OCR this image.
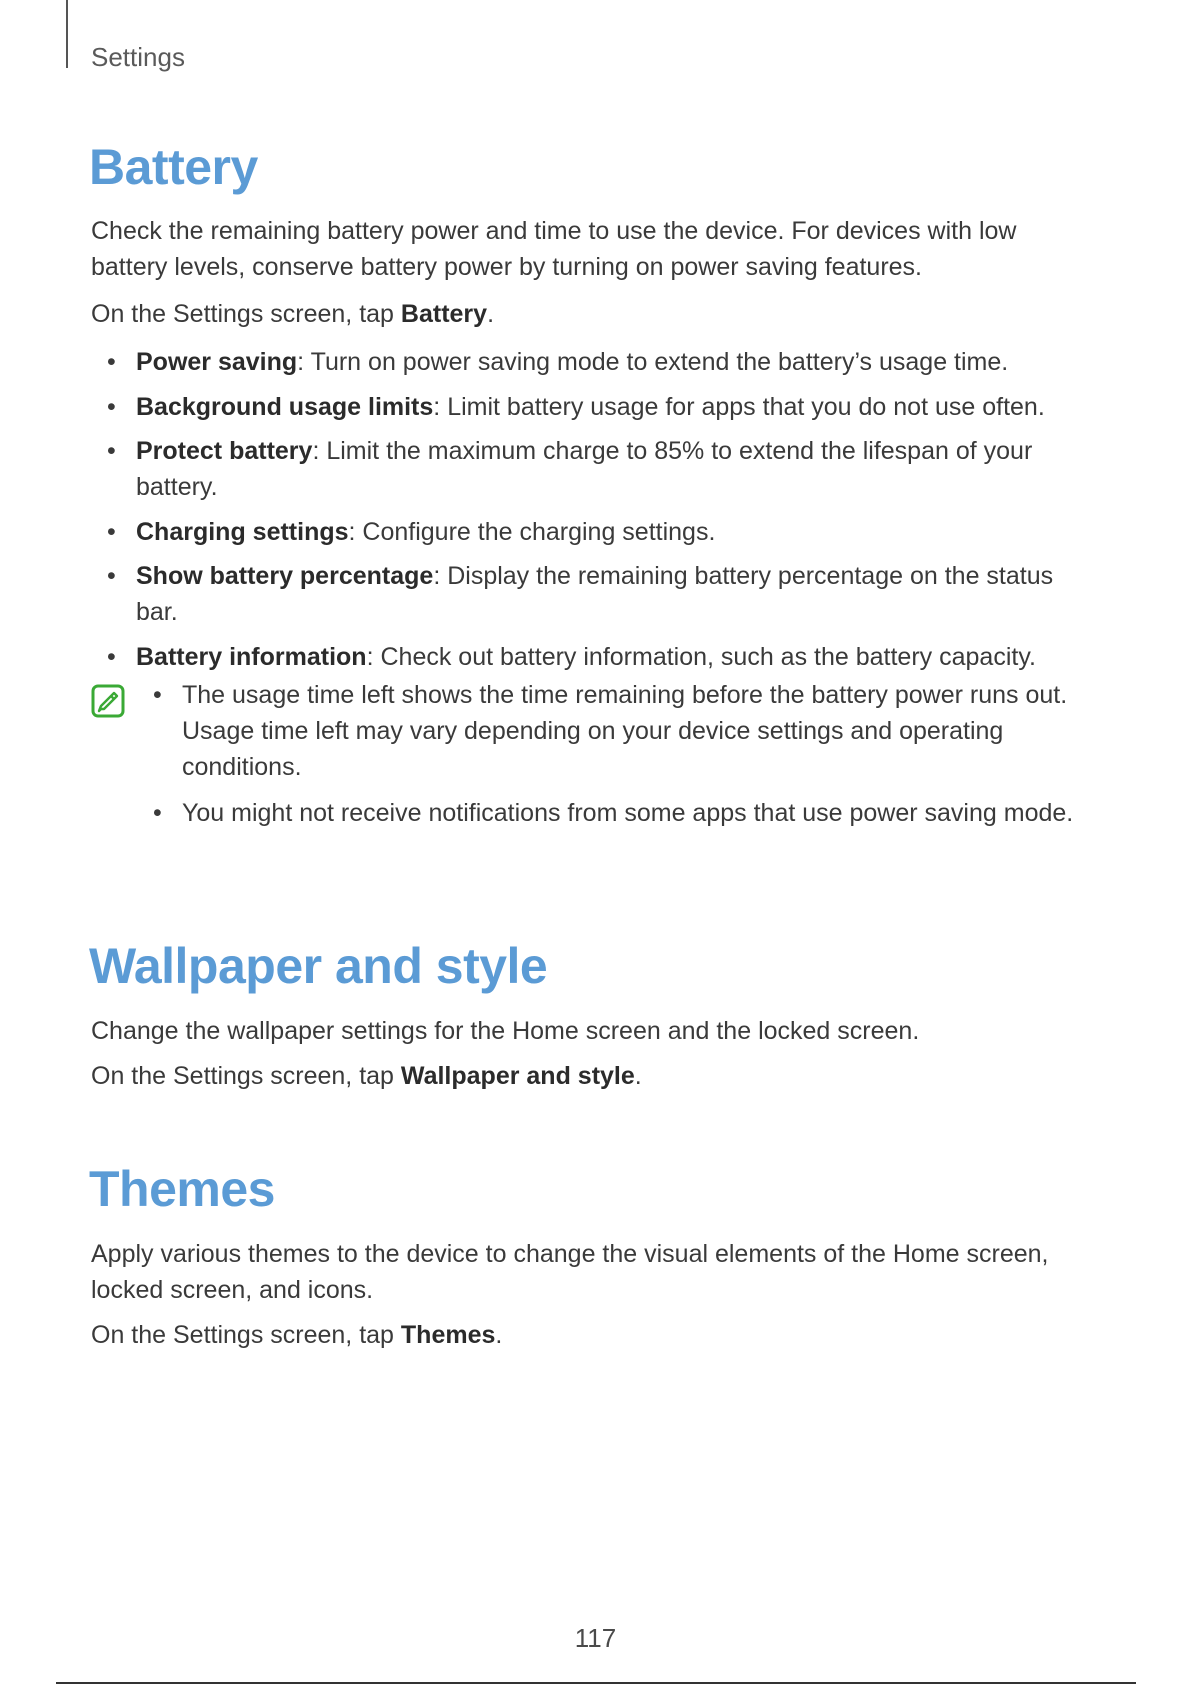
Settings
Battery

Check the remaining battery power and time to use the device. For devices with low battery levels, conserve battery power by turning on power saving features.

On the Settings screen, tap Battery.

• Power saving: Turn on power saving mode to extend the battery’s usage time.
• Background usage limits: Limit battery usage for apps that you do not use often.
• Protect battery: Limit the maximum charge to 85% to extend the lifespan of your battery.
• Charging settings: Configure the charging settings.
• Show battery percentage: Display the remaining battery percentage on the status bar.
• Battery information: Check out battery information, such as the battery capacity.
• The usage time left shows the time remaining before the battery power runs out. Usage time left may vary depending on your device settings and operating conditions.
• You might not receive notifications from some apps that use power saving mode.
Wallpaper and style

Change the wallpaper settings for the Home screen and the locked screen.

On the Settings screen, tap Wallpaper and style.

Themes

Apply various themes to the device to change the visual elements of the Home screen, locked screen, and icons.

On the Settings screen, tap Themes.

117
